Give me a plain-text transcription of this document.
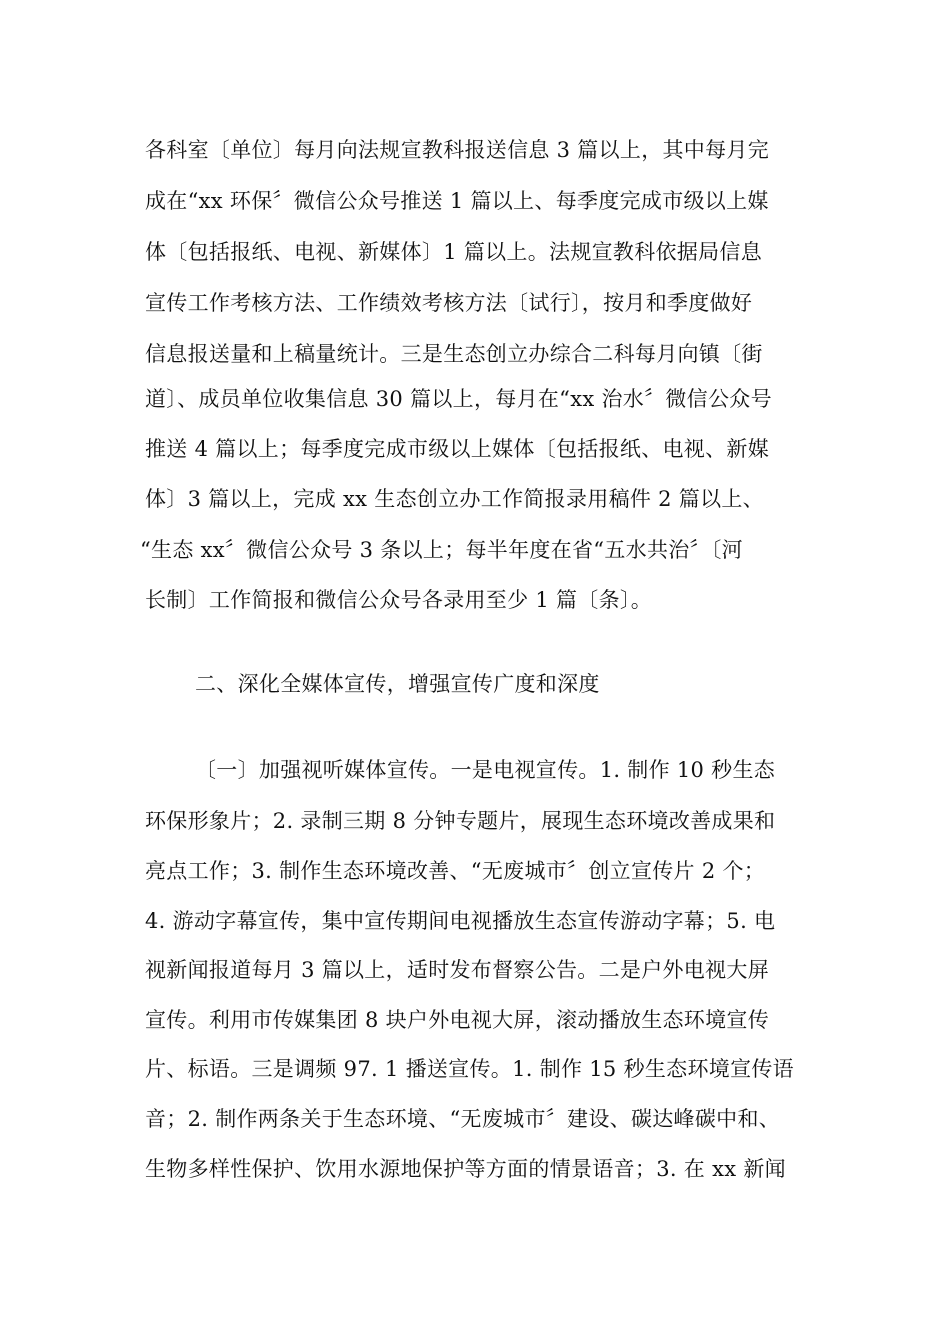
各科室〔单位〕每月向法规宣教科报送信息 3 篇以上，其中每月完

成在“xx 环保〞微信公众号推送 1 篇以上、每季度完成市级以上媒

体〔包括报纸、电视、新媒体〕1 篇以上。法规宣教科依据局信息

宣传工作考核方法、工作绩效考核方法〔试行〕，按月和季度做好

信息报送量和上稿量统计。三是生态创立办综合二科每月向镇〔街

道〕、成员单位收集信息 30 篇以上，每月在“xx 治水〞微信公众号

推送 4 篇以上；每季度完成市级以上媒体〔包括报纸、电视、新媒

体〕3 篇以上，完成 xx 生态创立办工作简报录用稿件 2 篇以上、

“生态 xx〞微信公众号 3 条以上；每半年度在省“五水共治〞〔河

长制〕工作简报和微信公众号各录用至少 1 篇〔条〕。

二、深化全媒体宣传，增强宣传广度和深度

〔一〕加强视听媒体宣传。一是电视宣传。1. 制作 10 秒生态

环保形象片；2. 录制三期 8 分钟专题片，展现生态环境改善成果和

亮点工作；3. 制作生态环境改善、“无废城市〞创立宣传片 2 个；

4. 游动字幕宣传，集中宣传期间电视播放生态宣传游动字幕；5. 电

视新闻报道每月 3 篇以上，适时发布督察公告。二是户外电视大屏

宣传。利用市传媒集团 8 块户外电视大屏，滚动播放生态环境宣传

片、标语。三是调频 97. 1 播送宣传。1. 制作 15 秒生态环境宣传语

音；2. 制作两条关于生态环境、“无废城市〞建设、碳达峰碳中和、

生物多样性保护、饮用水源地保护等方面的情景语音；3. 在 xx 新闻
